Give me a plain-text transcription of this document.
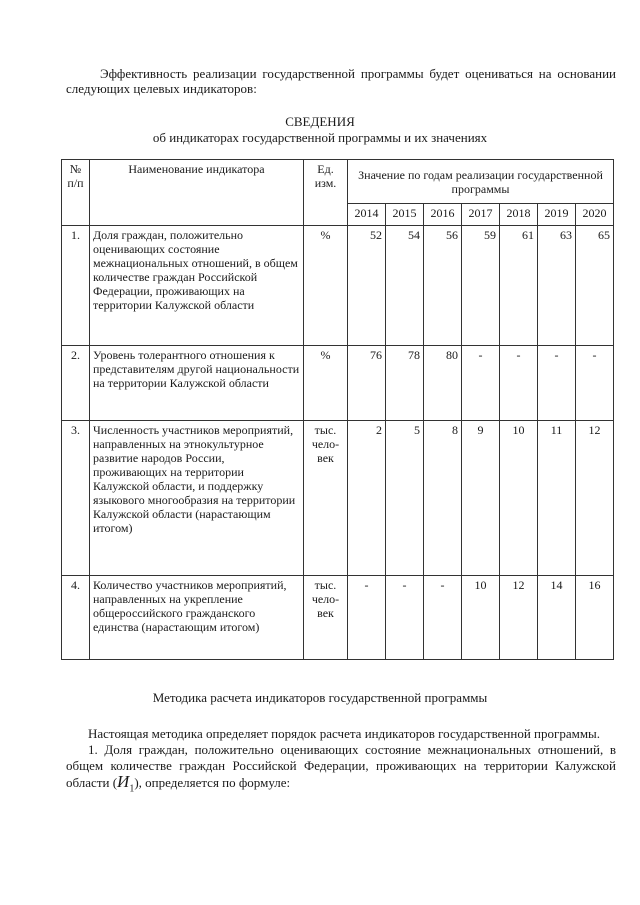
Эффективность реализации государственной программы будет оцениваться на основании следующих целевых индикаторов:
СВЕДЕНИЯ
об индикаторах государственной программы и их значениях
№ п/п	Наименование индикатора	Ед. изм.	Значение по годам реализации государственной программы						
			2014	2015	2016	2017	2018	2019	2020
1.	Доля граждан, положительно оценивающих состояние межнациональных отношений, в общем количестве граждан Российской Федерации, проживающих на территории Калужской области	%	52	54	56	59	61	63	65
2.	Уровень толерантного отношения к представителям другой национальности на территории Калужской области	%	76	78	80	-	-	-	-
3.	Численность участников мероприятий, направленных на этнокультурное развитие народов России, проживающих на территории Калужской области, и поддержку языкового многообразия на территории Калужской области (нарастающим итогом)	тыс. чело-век	2	5	8	9	10	11	12
4.	Количество участников мероприятий, направленных на укрепление общероссийского гражданского единства (нарастающим итогом)	тыс. чело-век	-	-	-	10	12	14	16
Методика расчета индикаторов государственной программы

Настоящая методика определяет порядок расчета индикаторов государственной программы.

1. Доля граждан, положительно оценивающих состояние межнациональных отношений, в общем количестве граждан Российской Федерации, проживающих на территории Калужской области $(И_1)$, определяется по формуле:
